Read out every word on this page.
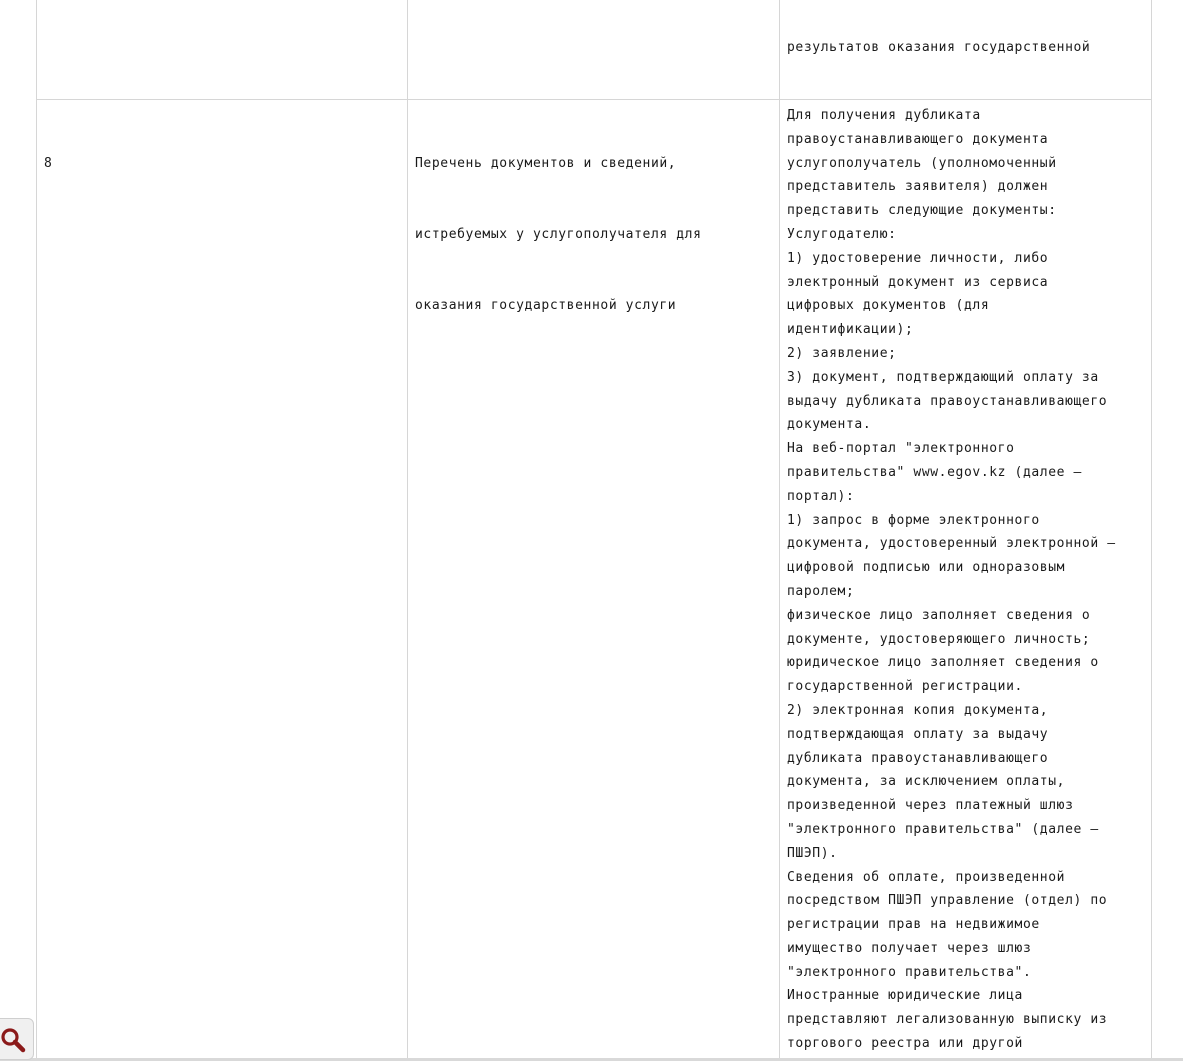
результатов оказания государственной

8

	Перечень документов и сведений,

истребуемых у услугополучателя для

оказания государственной услуги

Для получения дубликата
правоустанавливающего документа
услугополучатель (уполномоченный
представитель заявителя) должен
представить следующие документы:
Услугодателю:
1) удостоверение личности, либо
электронный документ из сервиса
цифровых документов (для
идентификации);
2) заявление;
3) документ, подтверждающий оплату за
выдачу дубликата правоустанавливающего
документа.
На веб-портал "электронного
правительства" www.egov.kz (далее –
портал):
1) запрос в форме электронного
документа, удостоверенный электронной –
цифровой подписью или одноразовым
паролем;
физическое лицо заполняет сведения о
документе, удостоверяющего личность;
юридическое лицо заполняет сведения о
государственной регистрации.
2) электронная копия документа,
подтверждающая оплату за выдачу
дубликата правоустанавливающего
документа, за исключением оплаты,
произведенной через платежный шлюз
"электронного правительства" (далее –
ПШЭП).
Сведения об оплате, произведенной
посредством ПШЭП управление (отдел) по
регистрации прав на недвижимое
имущество получает через шлюз
"электронного правительства".
Иностранные юридические лица
представляют легализованную выписку из
торгового реестра или другой
